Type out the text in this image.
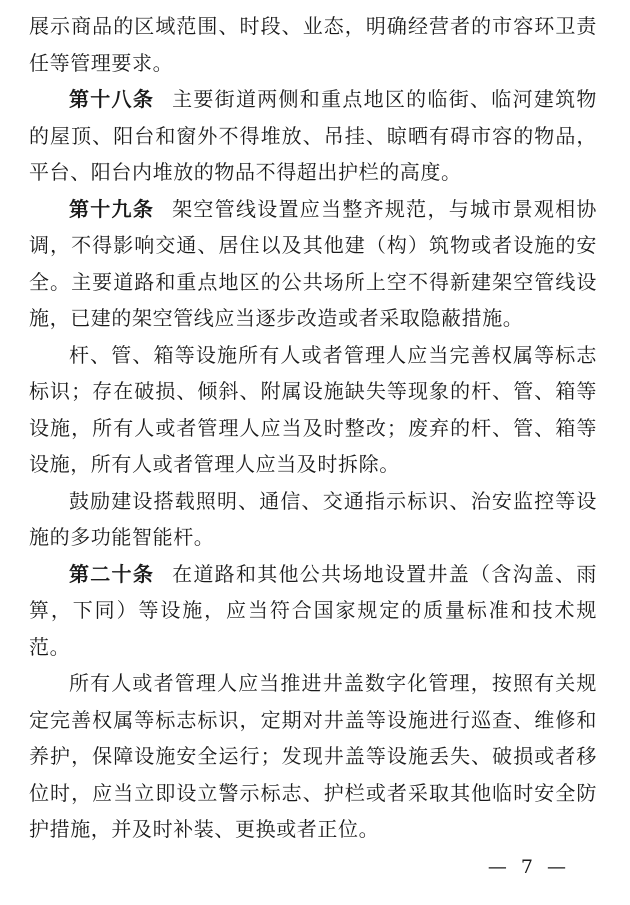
展示商品的区域范围、时段、业态，明确经营者的市容环卫责任等管理要求。

第十八条 主要街道两侧和重点地区的临街、临河建筑物的屋顶、阳台和窗外不得堆放、吊挂、晾晒有碍市容的物品，平台、阳台内堆放的物品不得超出护栏的高度。

第十九条 架空管线设置应当整齐规范，与城市景观相协调，不得影响交通、居住以及其他建（构）筑物或者设施的安全。主要道路和重点地区的公共场所上空不得新建架空管线设施，已建的架空管线应当逐步改造或者采取隐蔽措施。

杆、管、箱等设施所有人或者管理人应当完善权属等标志标识；存在破损、倾斜、附属设施缺失等现象的杆、管、箱等设施，所有人或者管理人应当及时整改；废弃的杆、管、箱等设施，所有人或者管理人应当及时拆除。

鼓励建设搭载照明、通信、交通指示标识、治安监控等设施的多功能智能杆。

第二十条 在道路和其他公共场地设置井盖（含沟盖、雨箅，下同）等设施，应当符合国家规定的质量标准和技术规范。

所有人或者管理人应当推进井盖数字化管理，按照有关规定完善权属等标志标识，定期对井盖等设施进行巡查、维修和养护，保障设施安全运行；发现井盖等设施丢失、破损或者移位时，应当立即设立警示标志、护栏或者采取其他临时安全防护措施，并及时补装、更换或者正位。

— 7 —
